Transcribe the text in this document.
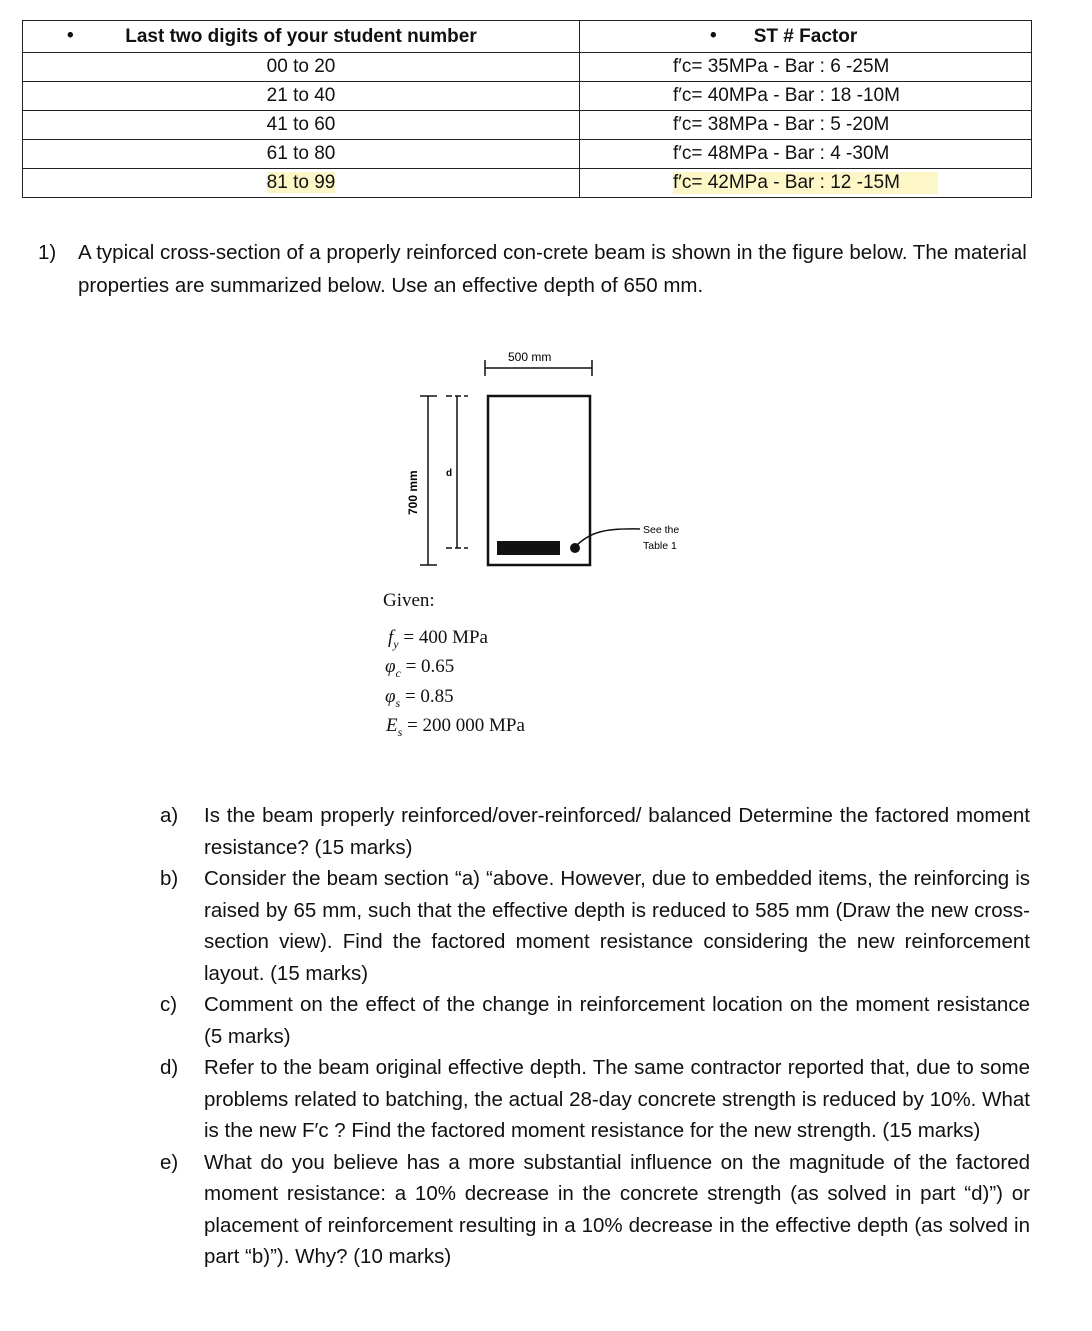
• Last two digits of your student number	• ST # Factor
00 to 20	f′c= 35MPa - Bar : 6 -25M
21 to 40	f′c= 40MPa - Bar : 18 -10M
41 to 60	f′c= 38MPa - Bar : 5 -20M
61 to 80	f′c= 48MPa - Bar : 4 -30M
81 to 99	f′c= 42MPa - Bar : 12 -15M
1) A typical cross-section of a properly reinforced con-crete beam is shown in the figure below. The material properties are summarized below. Use an effective depth of 650 mm.
500 mm
700 mm	d
See the
Table 1
Given:
$f_y = 400$ MPa
$\varphi_c = 0.65$
$\varphi_s = 0.85$
$E_s = 200$ 000 MPa
a) Is the beam properly reinforced/over-reinforced/ balanced Determine the factored moment resistance? (15 marks)
b) Consider the beam section “a) “above. However, due to embedded items, the reinforcing is raised by 65 mm, such that the effective depth is reduced to 585 mm (Draw the new cross-section view). Find the factored moment resistance considering the new reinforcement layout. (15 marks)
c) Comment on the effect of the change in reinforcement location on the moment resistance (5 marks)
d) Refer to the beam original effective depth. The same contractor reported that, due to some problems related to batching, the actual 28-day concrete strength is reduced by 10%. What is the new F′c ? Find the factored moment resistance for the new strength. (15 marks)
e) What do you believe has a more substantial influence on the magnitude of the factored moment resistance: a 10% decrease in the concrete strength (as solved in part “d)”) or placement of reinforcement resulting in a 10% decrease in the effective depth (as solved in part “b)”). Why? (10 marks)
